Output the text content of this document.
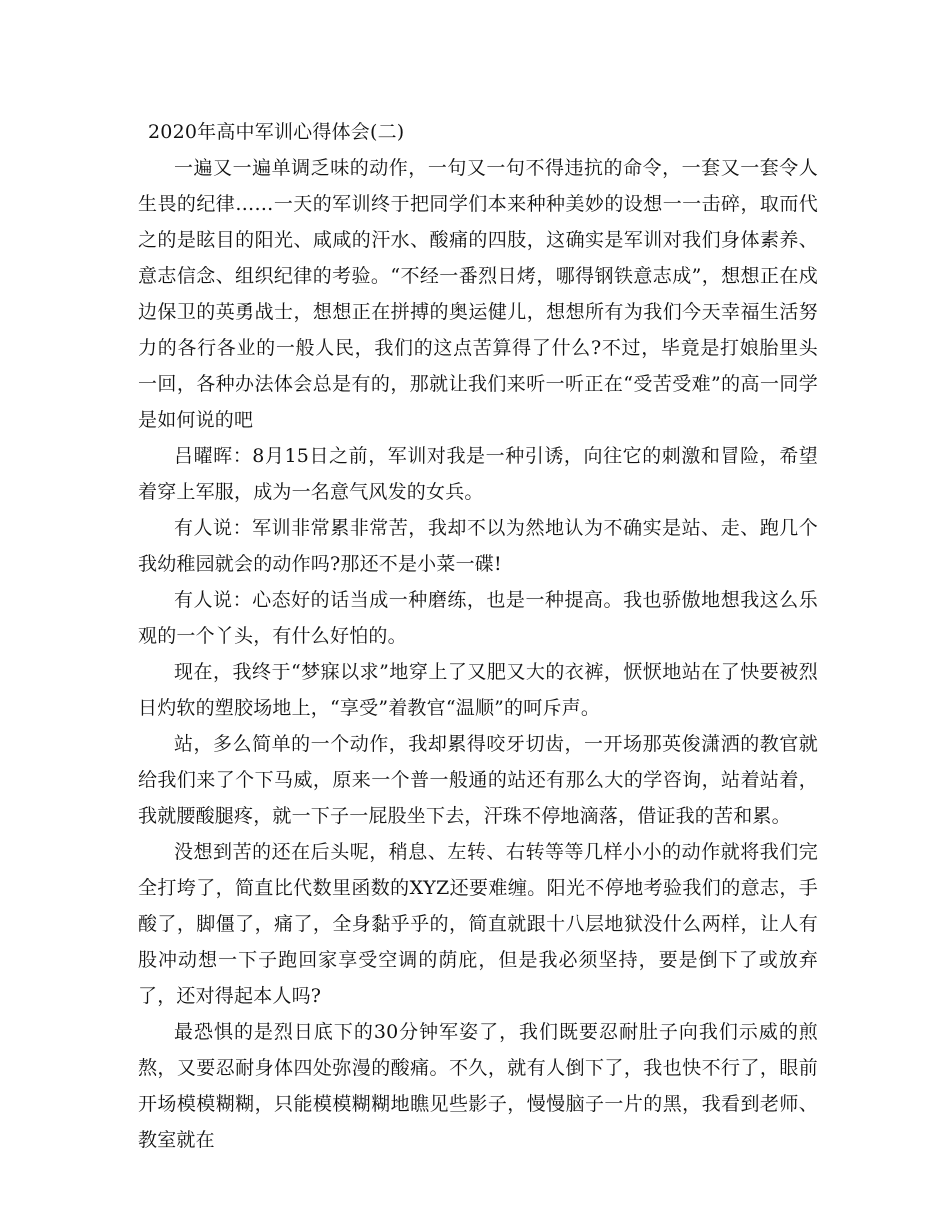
2020年高中军训心得体会(二)

一遍又一遍单调乏味的动作，一句又一句不得违抗的命令，一套又一套令人生畏的纪律……一天的军训终于把同学们本来种种美妙的设想一一击碎，取而代之的是眩目的阳光、咸咸的汗水、酸痛的四肢，这确实是军训对我们身体素养、意志信念、组织纪律的考验。“不经一番烈日烤，哪得钢铁意志成”，想想正在戍边保卫的英勇战士，想想正在拼搏的奥运健儿，想想所有为我们今天幸福生活努力的各行各业的一般人民，我们的这点苦算得了什么?不过，毕竟是打娘胎里头一回，各种办法体会总是有的，那就让我们来听一听正在“受苦受难”的高一同学是如何说的吧

吕曜晖：8月15日之前，军训对我是一种引诱，向往它的刺激和冒险，希望着穿上军服，成为一名意气风发的女兵。

有人说：军训非常累非常苦，我却不以为然地认为不确实是站、走、跑几个我幼稚园就会的动作吗?那还不是小菜一碟!

有人说：心态好的话当成一种磨练，也是一种提高。我也骄傲地想我这么乐观的一个丫头，有什么好怕的。

现在，我终于“梦寐以求”地穿上了又肥又大的衣裤，恹恹地站在了快要被烈日灼软的塑胶场地上，“享受”着教官“温顺”的呵斥声。

站，多么简单的一个动作，我却累得咬牙切齿，一开场那英俊潇洒的教官就给我们来了个下马威，原来一个普一般通的站还有那么大的学咨询，站着站着，我就腰酸腿疼，就一下子一屁股坐下去，汗珠不停地滴落，借证我的苦和累。

没想到苦的还在后头呢，稍息、左转、右转等等几样小小的动作就将我们完全打垮了，简直比代数里函数的XYZ还要难缠。阳光不停地考验我们的意志，手酸了，脚僵了，痛了，全身黏乎乎的，简直就跟十八层地狱没什么两样，让人有股冲动想一下子跑回家享受空调的荫庇，但是我必须坚持，要是倒下了或放弃了，还对得起本人吗?

最恐惧的是烈日底下的30分钟军姿了，我们既要忍耐肚子向我们示威的煎熬，又要忍耐身体四处弥漫的酸痛。不久，就有人倒下了，我也快不行了，眼前开场模模糊糊，只能模模糊糊地瞧见些影子，慢慢脑子一片的黑，我看到老师、教室就在
